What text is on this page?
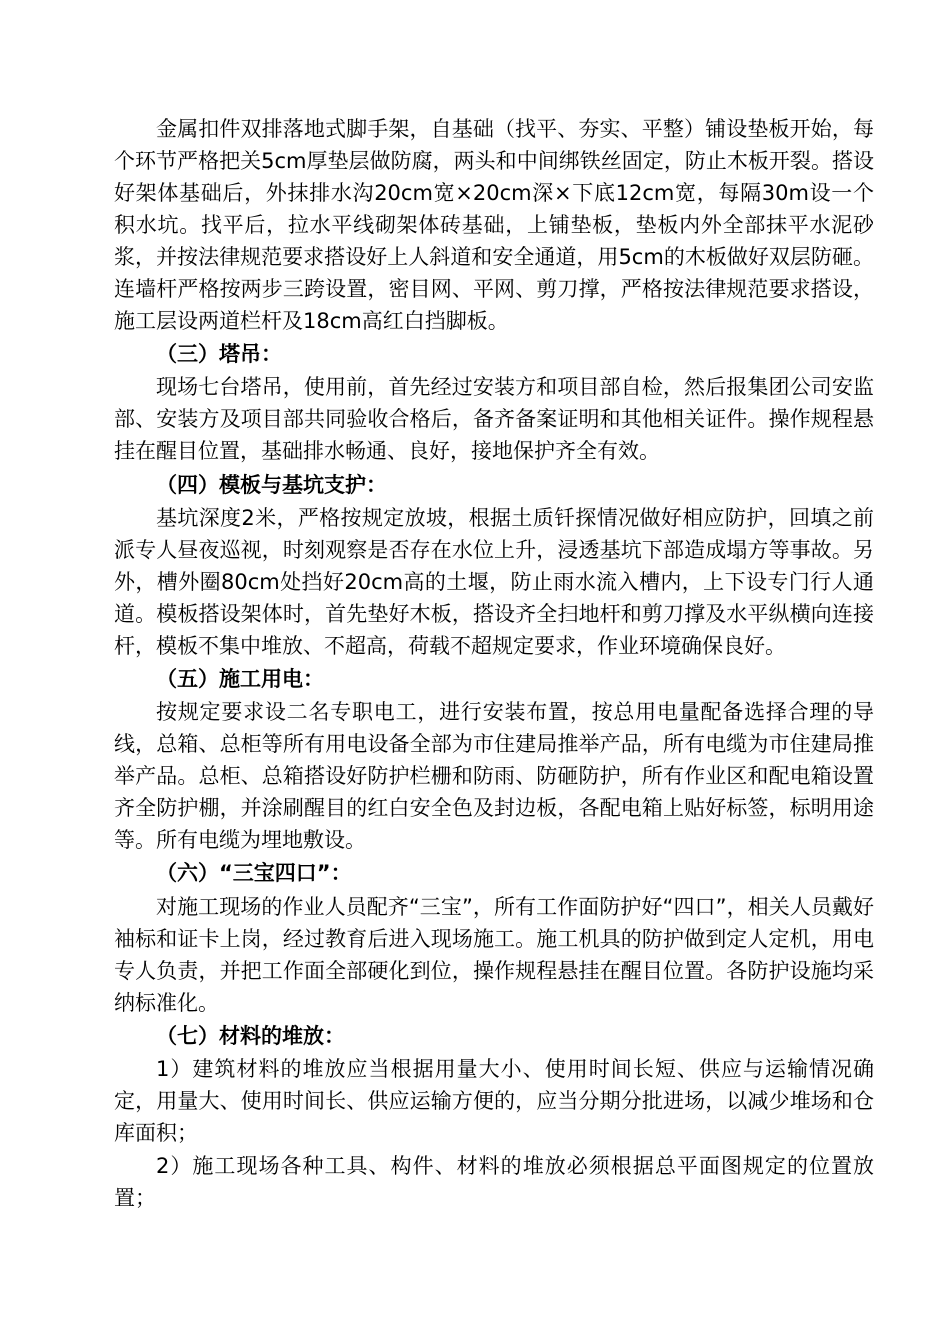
金属扣件双排落地式脚手架，自基础（找平、夯实、平整）铺设垫板开始，每个环节严格把关5cm厚垫层做防腐，两头和中间绑铁丝固定，防止木板开裂。搭设好架体基础后，外抹排水沟20cm宽×20cm深×下底12cm宽，每隔30m设一个积水坑。找平后，拉水平线砌架体砖基础，上铺垫板，垫板内外全部抹平水泥砂浆，并按法律规范要求搭设好上人斜道和安全通道，用5cm的木板做好双层防砸。连墙杆严格按两步三跨设置，密目网、平网、剪刀撑，严格按法律规范要求搭设，施工层设两道栏杆及18cm高红白挡脚板。

（三）塔吊：

现场七台塔吊，使用前，首先经过安装方和项目部自检，然后报集团公司安监部、安装方及项目部共同验收合格后，备齐备案证明和其他相关证件。操作规程悬挂在醒目位置，基础排水畅通、良好，接地保护齐全有效。

（四）模板与基坑支护：

基坑深度2米，严格按规定放坡，根据土质钎探情况做好相应防护，回填之前派专人昼夜巡视，时刻观察是否存在水位上升，浸透基坑下部造成塌方等事故。另外，槽外圈80cm处挡好20cm高的土堰，防止雨水流入槽内，上下设专门行人通道。模板搭设架体时，首先垫好木板，搭设齐全扫地杆和剪刀撑及水平纵横向连接杆，模板不集中堆放、不超高，荷载不超规定要求，作业环境确保良好。

（五）施工用电：

按规定要求设二名专职电工，进行安装布置，按总用电量配备选择合理的导线，总箱、总柜等所有用电设备全部为市住建局推举产品，所有电缆为市住建局推举产品。总柜、总箱搭设好防护栏栅和防雨、防砸防护，所有作业区和配电箱设置齐全防护棚，并涂刷醒目的红白安全色及封边板，各配电箱上贴好标签，标明用途等。所有电缆为埋地敷设。

（六）“三宝四口”：

对施工现场的作业人员配齐“三宝”，所有工作面防护好“四口”，相关人员戴好袖标和证卡上岗，经过教育后进入现场施工。施工机具的防护做到定人定机，用电专人负责，并把工作面全部硬化到位，操作规程悬挂在醒目位置。各防护设施均采纳标准化。

（七）材料的堆放：

1）建筑材料的堆放应当根据用量大小、使用时间长短、供应与运输情况确定，用量大、使用时间长、供应运输方便的，应当分期分批进场，以减少堆场和仓库面积；

2）施工现场各种工具、构件、材料的堆放必须根据总平面图规定的位置放置；
